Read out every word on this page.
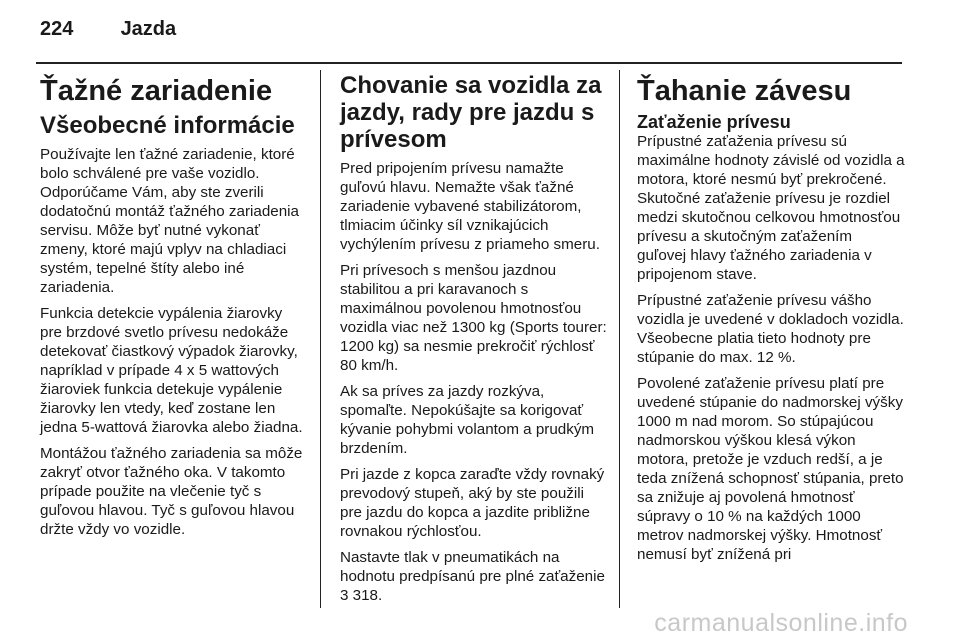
224 Jazda
Ťažné zariadenie
Všeobecné informácie

Používajte len ťažné zariadenie, ktoré bolo schválené pre vaše vozidlo. Odporúčame Vám, aby ste zverili dodatočnú montáž ťažného zariadenia servisu. Môže byť nutné vykonať zmeny, ktoré majú vplyv na chladiaci systém, tepelné štíty alebo iné zariadenia.

Funkcia detekcie vypálenia žiarovky pre brzdové svetlo prívesu nedokáže detekovať čiastkový výpadok žiarovky, napríklad v prípade 4 x 5 wattových žiaroviek funkcia detekuje vypálenie žiarovky len vtedy, keď zostane len jedna 5-wattová žiarovka alebo žiadna.

Montážou ťažného zariadenia sa môže zakryť otvor ťažného oka. V takomto prípade použite na vlečenie tyč s guľovou hlavou. Tyč s guľovou hlavou držte vždy vo vozidle.

Chovanie sa vozidla za jazdy, rady pre jazdu s prívesom

Pred pripojením prívesu namažte guľovú hlavu. Nemažte však ťažné zariadenie vybavené stabilizátorom, tlmiacim účinky síl vznikajúcich vychýlením prívesu z priameho smeru.

Pri prívesoch s menšou jazdnou stabilitou a pri karavanoch s maximálnou povolenou hmotnosťou vozidla viac než 1300 kg (Sports tourer: 1200 kg) sa nesmie prekročiť rýchlosť 80 km/h.

Ak sa príves za jazdy rozkýva, spomaľte. Nepokúšajte sa korigovať kývanie pohybmi volantom a prudkým brzdením.

Pri jazde z kopca zaraďte vždy rovnaký prevodový stupeň, aký by ste použili pre jazdu do kopca a jazdite približne rovnakou rýchlosťou.

Nastavte tlak v pneumatikách na hodnotu predpísanú pre plné zaťaženie 3 318.

Ťahanie závesu
Zaťaženie prívesu

Prípustné zaťaženia prívesu sú maximálne hodnoty závislé od vozidla a motora, ktoré nesmú byť prekročené. Skutočné zaťaženie prívesu je rozdiel medzi skutočnou celkovou hmotnosťou prívesu a skutočným zaťažením guľovej hlavy ťažného zariadenia v pripojenom stave.

Prípustné zaťaženie prívesu vášho vozidla je uvedené v dokladoch vozidla. Všeobecne platia tieto hodnoty pre stúpanie do max. 12 %.

Povolené zaťaženie prívesu platí pre uvedené stúpanie do nadmorskej výšky 1000 m nad morom. So stúpajúcou nadmorskou výškou klesá výkon motora, pretože je vzduch redší, a je teda znížená schopnosť stúpania, preto sa znižuje aj povolená hmotnosť súpravy o 10 % na každých 1000 metrov nadmorskej výšky. Hmotnosť nemusí byť znížená pri

carmanualsonline.info
